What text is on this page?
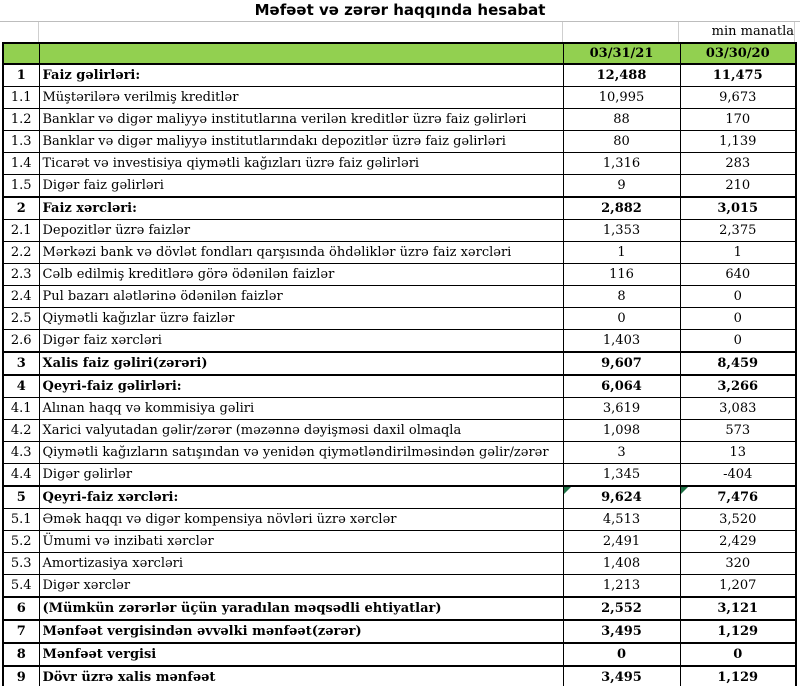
Məfəət və zərər haqqında hesabat
min manatla
		03/31/21	03/30/20
1	Faiz gəlirləri:	12,488	11,475
1.1	Müştərilərə verilmiş kreditlər	10,995	9,673
1.2	Banklar və digər maliyyə institutlarına verilən kreditlər üzrə faiz gəlirləri	88	170
1.3	Banklar və digər maliyyə institutlarındakı depozitlər üzrə faiz gəlirləri	80	1,139
1.4	Ticarət və investisiya qiymətli kağızları üzrə faiz gəlirləri	1,316	283
1.5	Digər faiz gəlirləri	9	210
2	Faiz xərcləri:	2,882	3,015
2.1	Depozitlər üzrə faizlər	1,353	2,375
2.2	Mərkəzi bank və dövlət fondları qarşısında öhdəliklər üzrə faiz xərcləri	1	1
2.3	Cəlb edilmiş kreditlərə görə ödənilən faizlər	116	640
2.4	Pul bazarı alətlərinə ödənilən faizlər	8	0
2.5	Qiymətli kağızlar üzrə faizlər	0	0
2.6	Digər faiz xərcləri	1,403	0
3	Xalis faiz gəliri(zərəri)	9,607	8,459
4	Qeyri-faiz gəlirləri:	6,064	3,266
4.1	Alınan haqq və kommisiya gəliri	3,619	3,083
4.2	Xarici valyutadan gəlir/zərər (məzənnə dəyişməsi daxil olmaqla	1,098	573
4.3	Qiymətli kağızların satışından və yenidən qiymətləndirilməsindən gəlir/zərər	3	13
4.4	Digər gəlirlər	1,345	-404
5	Qeyri-faiz xərcləri:	9,624	7,476
5.1	Əmək haqqı və digər kompensiya növləri üzrə xərclər	4,513	3,520
5.2	Ümumi və inzibati xərclər	2,491	2,429
5.3	Amortizasiya xərcləri	1,408	320
5.4	Digər xərclər	1,213	1,207
6	(Mümkün zərərlər üçün yaradılan məqsədli ehtiyatlar)	2,552	3,121
7	Mənfəət vergisindən əvvəlki mənfəət(zərər)	3,495	1,129
8	Mənfəət vergisi	0	0
9	Dövr üzrə xalis mənfəət	3,495	1,129
